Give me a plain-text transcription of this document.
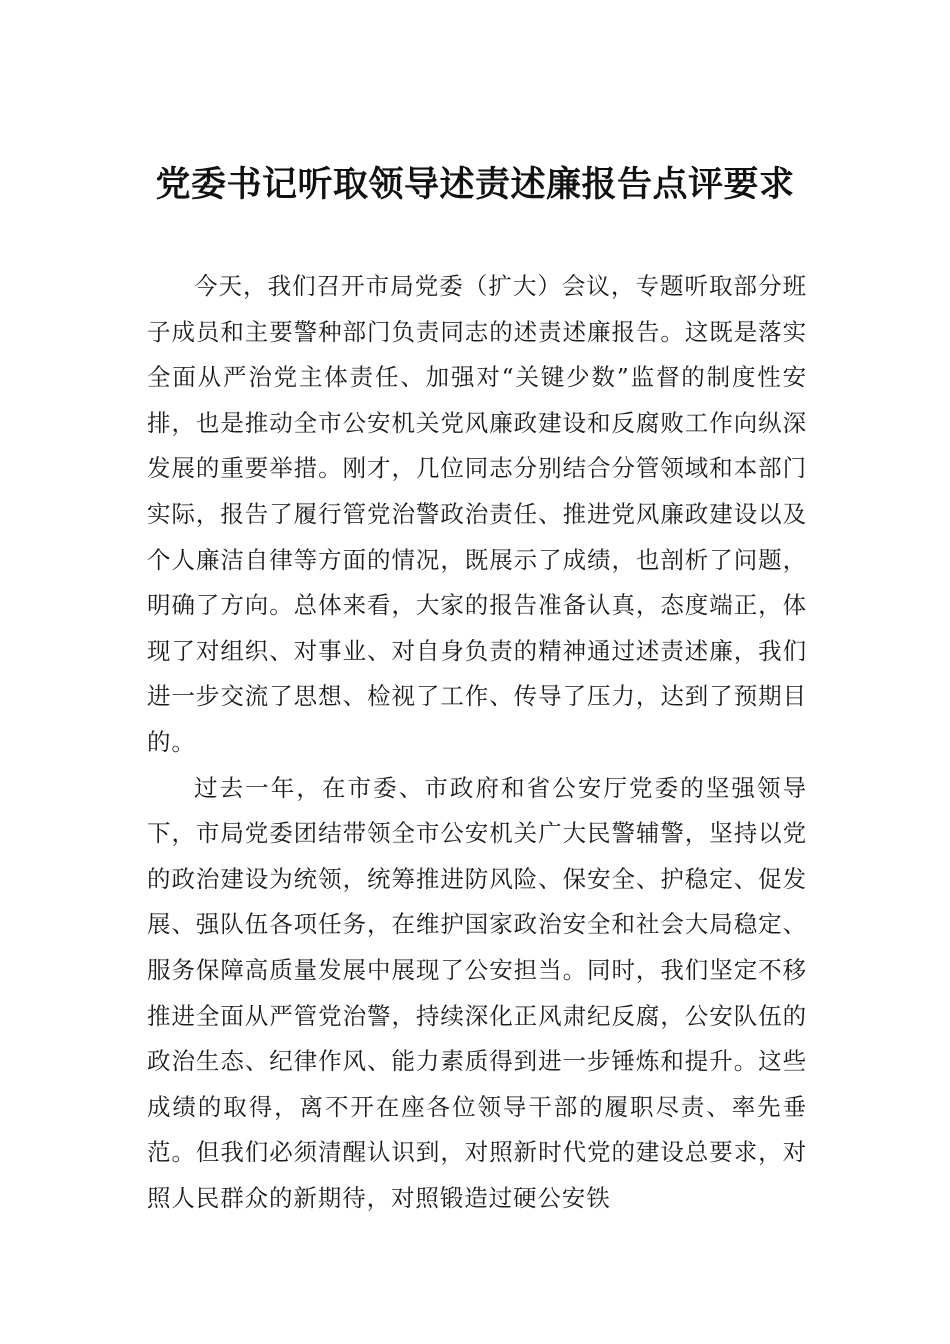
党委书记听取领导述责述廉报告点评要求

今天，我们召开市局党委（扩大）会议，专题听取部分班子成员和主要警种部门负责同志的述责述廉报告。这既是落实全面从严治党主体责任、加强对“关键少数”监督的制度性安排，也是推动全市公安机关党风廉政建设和反腐败工作向纵深发展的重要举措。刚才，几位同志分别结合分管领域和本部门实际，报告了履行管党治警政治责任、推进党风廉政建设以及个人廉洁自律等方面的情况，既展示了成绩，也剖析了问题，明确了方向。总体来看，大家的报告准备认真，态度端正，体现了对组织、对事业、对自身负责的精神通过述责述廉，我们进一步交流了思想、检视了工作、传导了压力，达到了预期目的。

过去一年，在市委、市政府和省公安厅党委的坚强领导下，市局党委团结带领全市公安机关广大民警辅警，坚持以党的政治建设为统领，统筹推进防风险、保安全、护稳定、促发展、强队伍各项任务，在维护国家政治安全和社会大局稳定、服务保障高质量发展中展现了公安担当。同时，我们坚定不移推进全面从严管党治警，持续深化正风肃纪反腐，公安队伍的政治生态、纪律作风、能力素质得到进一步锤炼和提升。这些成绩的取得，离不开在座各位领导干部的履职尽责、率先垂范。但我们必须清醒认识到，对照新时代党的建设总要求，对照人民群众的新期待，对照锻造过硬公安铁
